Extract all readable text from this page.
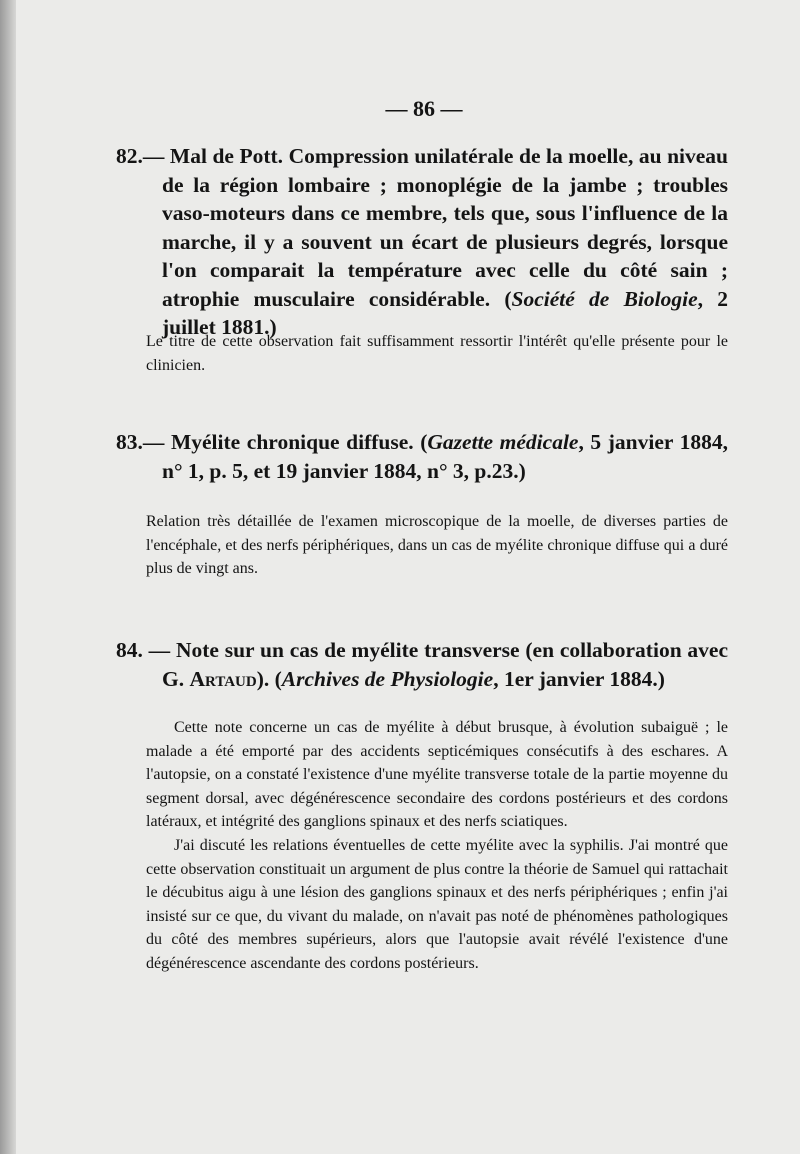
— 86 —
82.— Mal de Pott. Compression unilatérale de la moelle, au niveau de la région lombaire ; monoplégie de la jambe ; troubles vaso-moteurs dans ce membre, tels que, sous l'influence de la marche, il y a souvent un écart de plusieurs degrés, lorsque l'on comparait la température avec celle du côté sain ; atrophie musculaire considérable. (Société de Biologie, 2 juillet 1881.)

Le titre de cette observation fait suffisamment ressortir l'intérêt qu'elle présente pour le clinicien.

83.— Myélite chronique diffuse. (Gazette médicale, 5 janvier 1884, n° 1, p. 5, et 19 janvier 1884, n° 3, p.23.)

Relation très détaillée de l'examen microscopique de la moelle, de diverses parties de l'encéphale, et des nerfs périphériques, dans un cas de myélite chronique diffuse qui a duré plus de vingt ans.

84. — Note sur un cas de myélite transverse (en collaboration avec G. Artaud). (Archives de Physiologie, 1er janvier 1884.)

Cette note concerne un cas de myélite à début brusque, à évolution subaiguë ; le malade a été emporté par des accidents septicémiques consécutifs à des eschares. A l'autopsie, on a constaté l'existence d'une myélite transverse totale de la partie moyenne du segment dorsal, avec dégénérescence secondaire des cordons postérieurs et des cordons latéraux, et intégrité des ganglions spinaux et des nerfs sciatiques.

J'ai discuté les relations éventuelles de cette myélite avec la syphilis. J'ai montré que cette observation constituait un argument de plus contre la théorie de Samuel qui rattachait le décubitus aigu à une lésion des ganglions spinaux et des nerfs périphériques ; enfin j'ai insisté sur ce que, du vivant du malade, on n'avait pas noté de phénomènes pathologiques du côté des membres supérieurs, alors que l'autopsie avait révélé l'existence d'une dégénérescence ascendante des cordons postérieurs.
